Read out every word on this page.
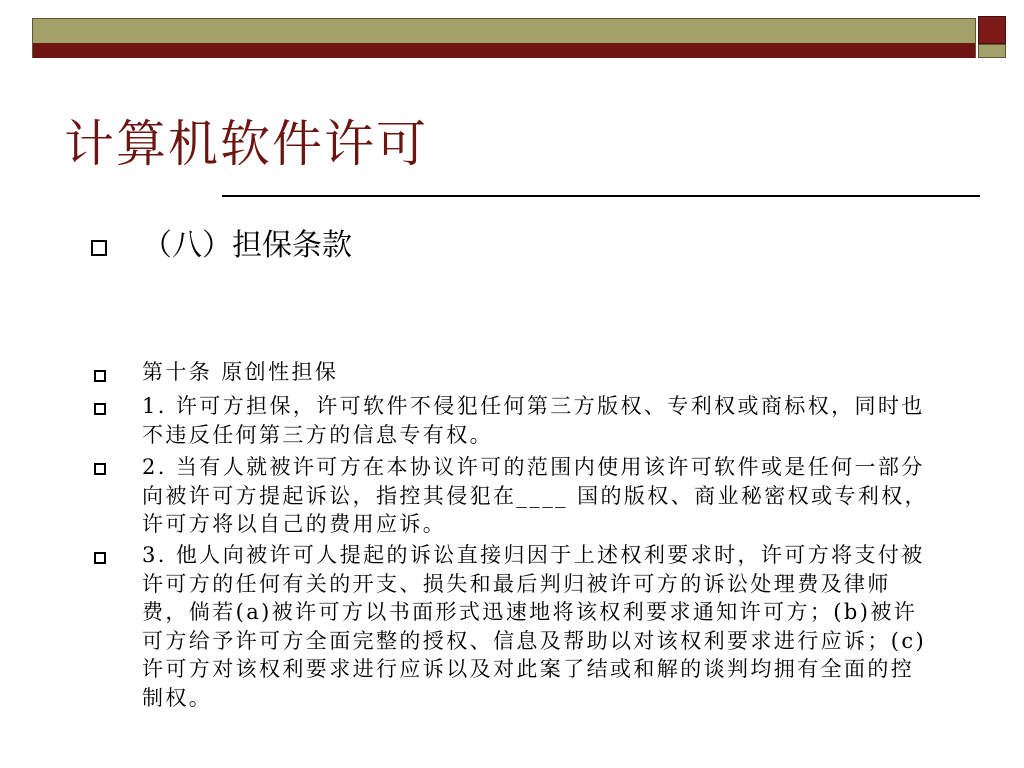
计算机软件许可
（八）担保条款
第十条 原创性担保
1. 许可方担保，许可软件不侵犯任何第三方版权、专利权或商标权，同时也不违反任何第三方的信息专有权。
2. 当有人就被许可方在本协议许可的范围内使用该许可软件或是任何一部分向被许可方提起诉讼，指控其侵犯在____ 国的版权、商业秘密权或专利权，许可方将以自己的费用应诉。
3. 他人向被许可人提起的诉讼直接归因于上述权利要求时，许可方将支付被许可方的任何有关的开支、损失和最后判归被许可方的诉讼处理费及律师费，倘若(a)被许可方以书面形式迅速地将该权利要求通知许可方；(b)被许可方给予许可方全面完整的授权、信息及帮助以对该权利要求进行应诉；(c)许可方对该权利要求进行应诉以及对此案了结或和解的谈判均拥有全面的控制权。
